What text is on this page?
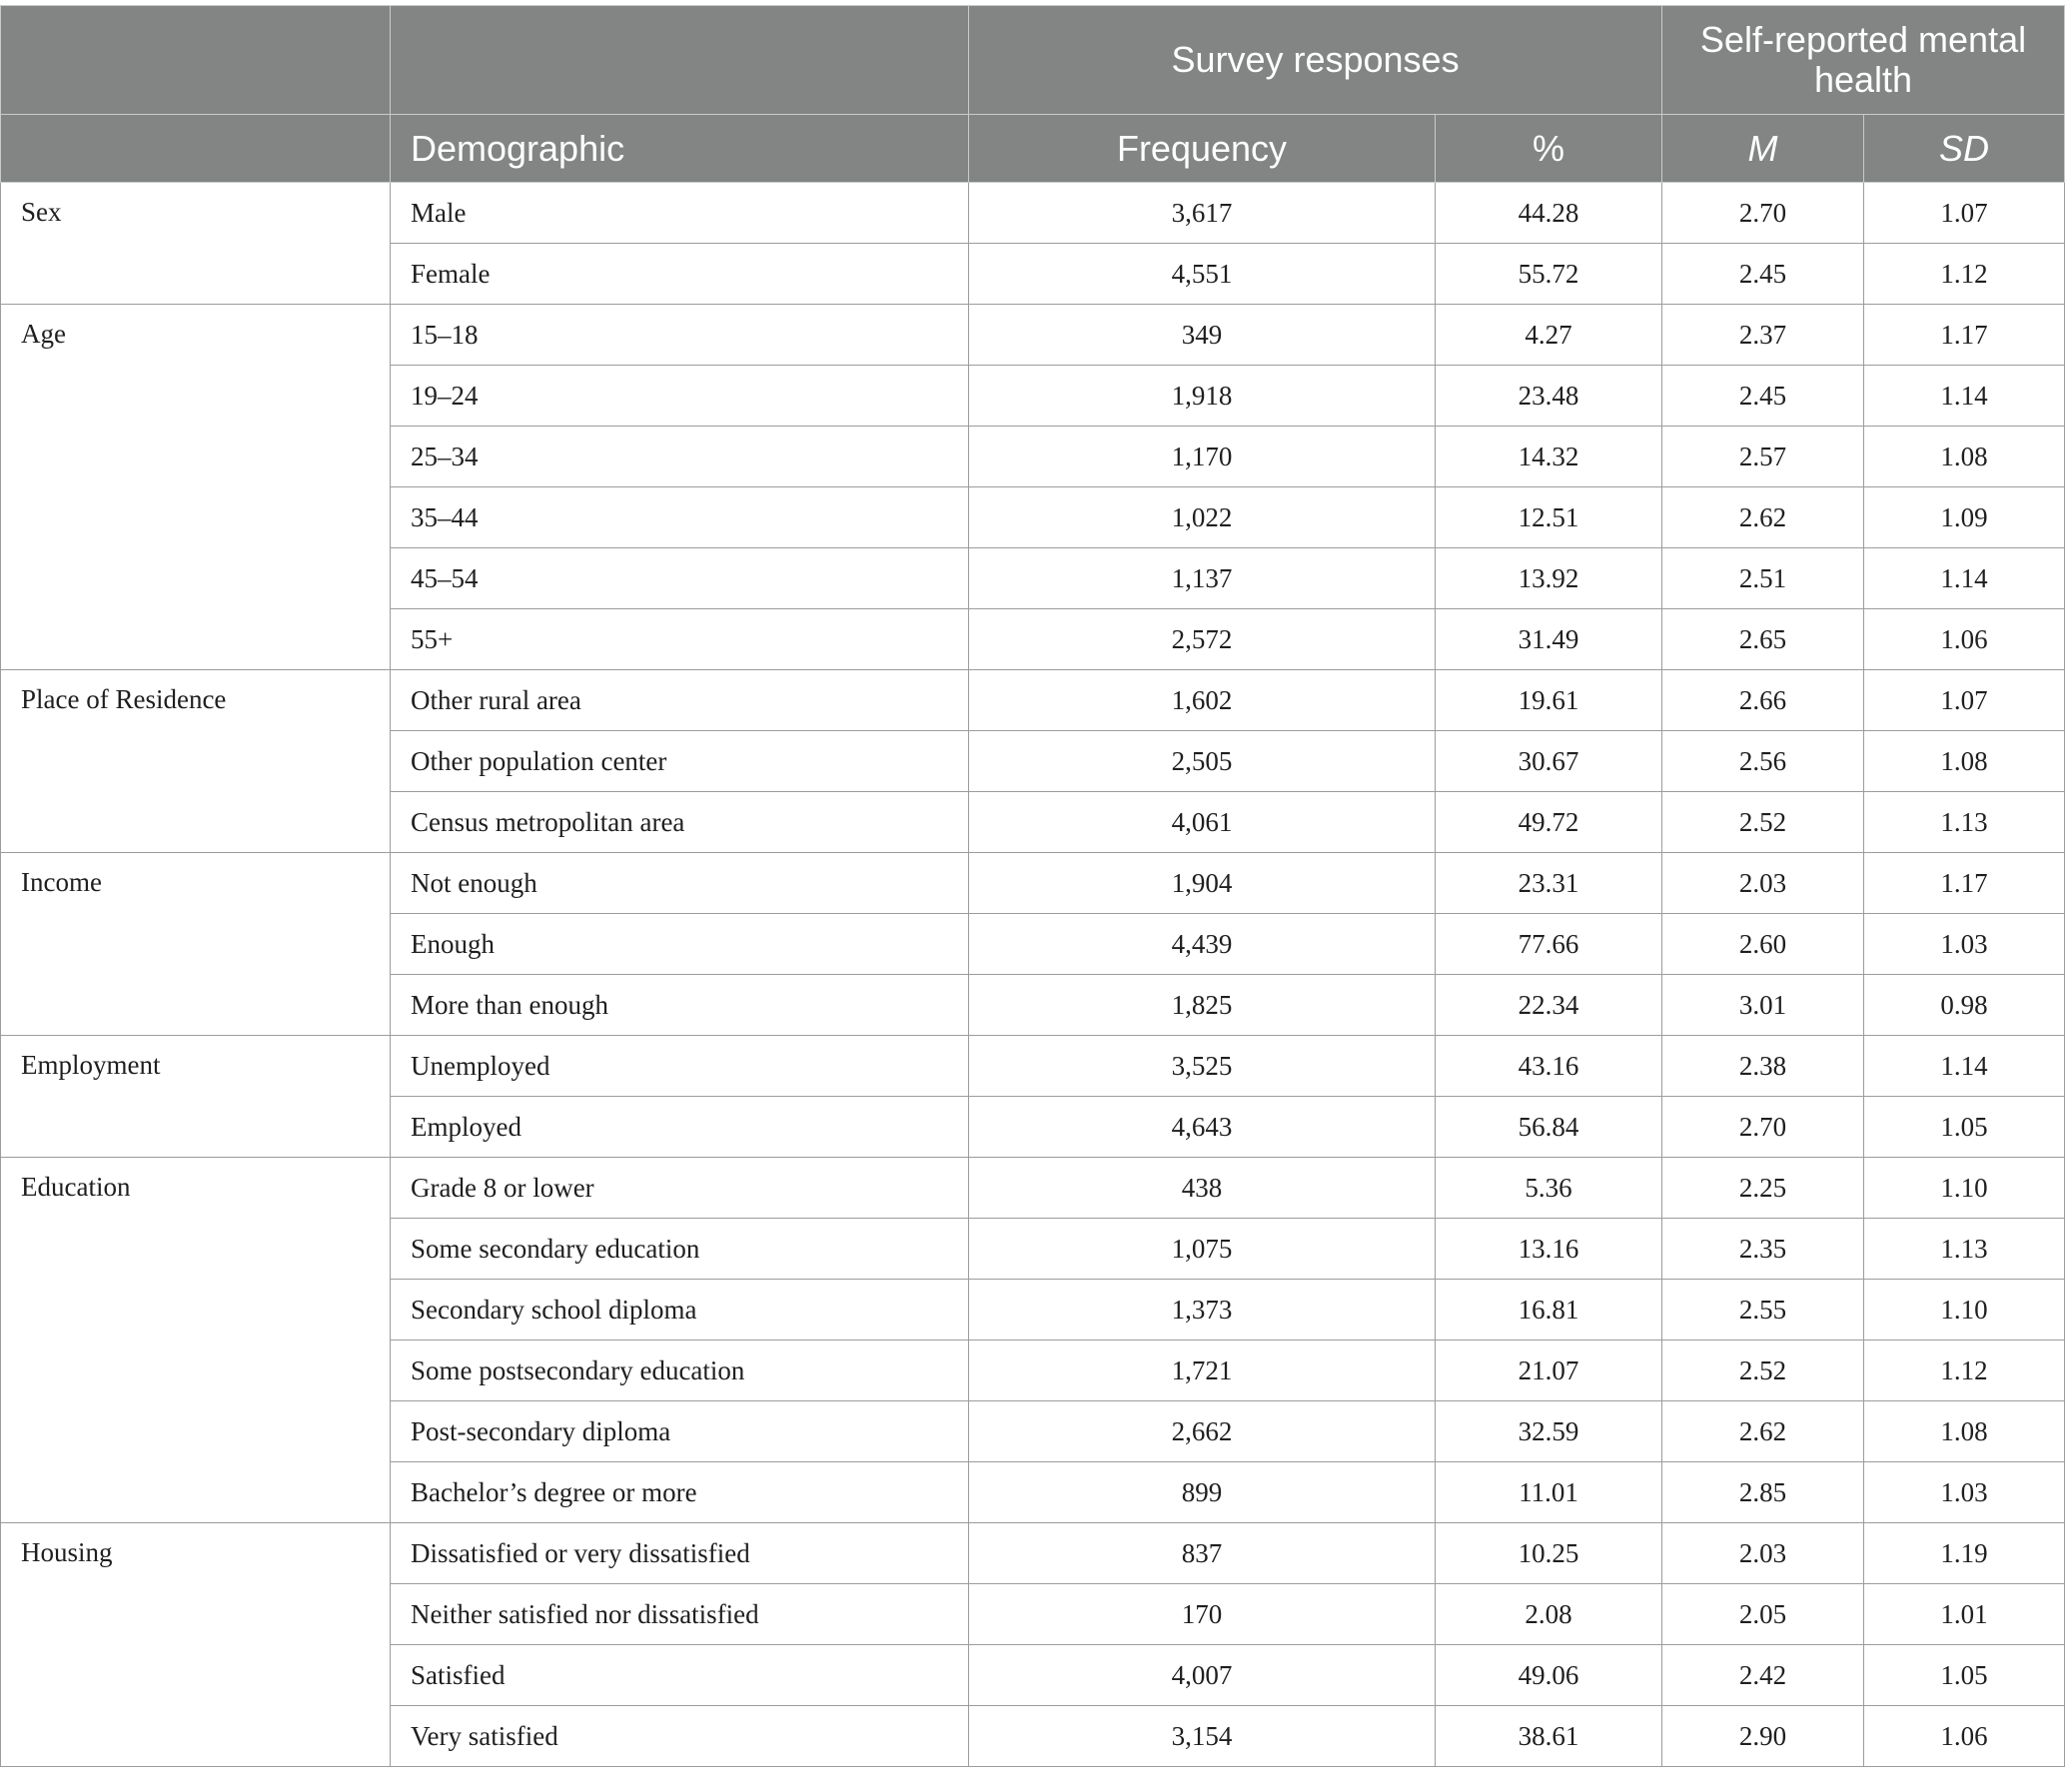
		Survey responses		Self-reported mental health	
	Demographic	Frequency	%	M	SD
Sex	Male	3,617	44.28	2.70	1.07
	Female	4,551	55.72	2.45	1.12
Age	15–18	349	4.27	2.37	1.17
	19–24	1,918	23.48	2.45	1.14
	25–34	1,170	14.32	2.57	1.08
	35–44	1,022	12.51	2.62	1.09
	45–54	1,137	13.92	2.51	1.14
	55+	2,572	31.49	2.65	1.06
Place of Residence	Other rural area	1,602	19.61	2.66	1.07
	Other population center	2,505	30.67	2.56	1.08
	Census metropolitan area	4,061	49.72	2.52	1.13
Income	Not enough	1,904	23.31	2.03	1.17
	Enough	4,439	77.66	2.60	1.03
	More than enough	1,825	22.34	3.01	0.98
Employment	Unemployed	3,525	43.16	2.38	1.14
	Employed	4,643	56.84	2.70	1.05
Education	Grade 8 or lower	438	5.36	2.25	1.10
	Some secondary education	1,075	13.16	2.35	1.13
	Secondary school diploma	1,373	16.81	2.55	1.10
	Some postsecondary education	1,721	21.07	2.52	1.12
	Post-secondary diploma	2,662	32.59	2.62	1.08
	Bachelor’s degree or more	899	11.01	2.85	1.03
Housing	Dissatisfied or very dissatisfied	837	10.25	2.03	1.19
	Neither satisfied nor dissatisfied	170	2.08	2.05	1.01
	Satisfied	4,007	49.06	2.42	1.05
	Very satisfied	3,154	38.61	2.90	1.06
